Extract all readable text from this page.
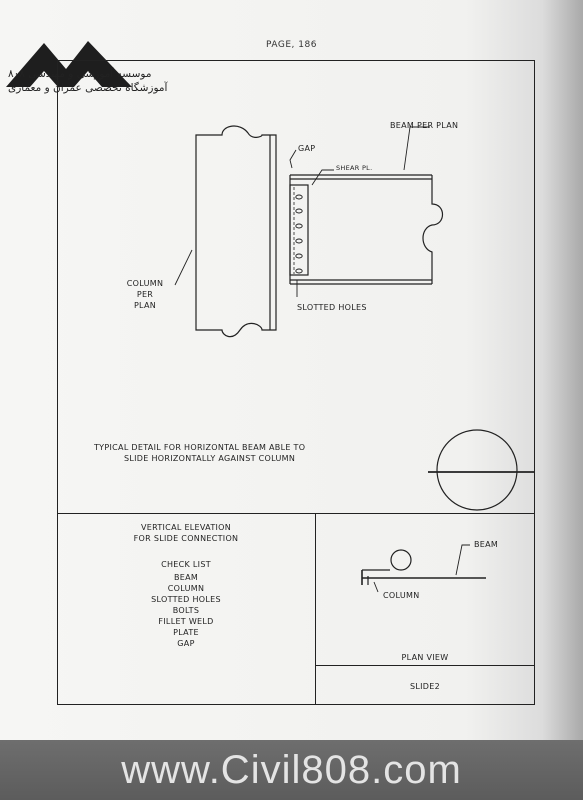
موسسه آموزشی و مهندسی ۸۰۸
آموزشگاه تخصصی عمران و معماری
PAGE, 186
BEAM PER PLAN
GAP
SHEAR PL.
COLUMN
PER
PLAN	SLOTTED HOLES
TYPICAL DETAIL FOR HORIZONTAL BEAM ABLE TO
SLIDE HORIZONTALLY AGAINST COLUMN
VERTICAL ELEVATION
FOR SLIDE CONNECTION
CHECK LIST
BEAM
COLUMN
SLOTTED HOLES
BOLTS
FILLET WELD
PLATE
GAP
BEAM
COLUMN
PLAN VIEW
SLIDE2
www.Civil808.com
